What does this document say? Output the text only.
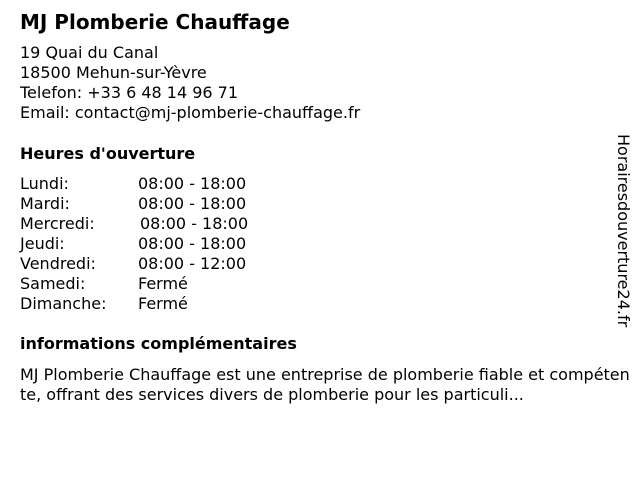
MJ Plomberie Chauffage
19 Quai du Canal
18500 Mehun-sur-Yèvre
Telefon: +33 6 48 14 96 71
Email: contact@mj-plomberie-chauffage.fr
Heures d'ouverture
Lundi:	08:00 - 18:00
Mardi:	08:00 - 18:00
Mercredi:	08:00 - 18:00
Jeudi:	08:00 - 18:00
Vendredi:	08:00 - 12:00
Samedi:	Fermé
Dimanche: Fermé
informations complémentaires
MJ Plomberie Chauffage est une entreprise de plomberie fiable et compétente, offrant des services divers de plomberie pour les particuli...
Horairesdouverture24.fr
